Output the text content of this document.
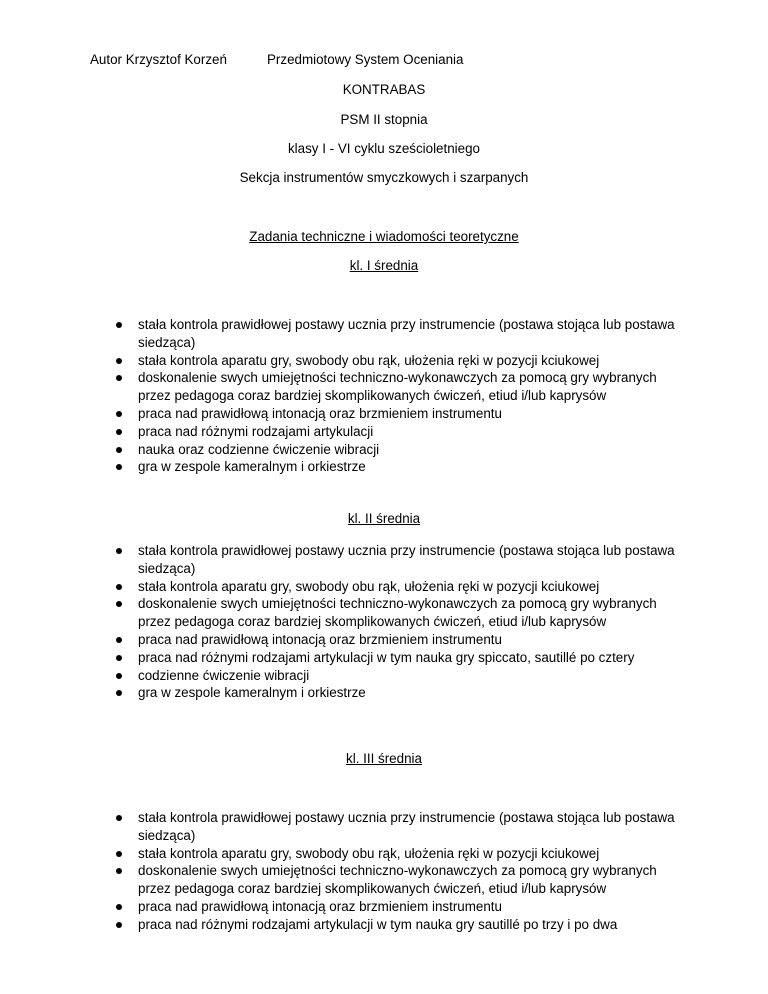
Autor Krzysztof Korzeń	Przedmiotowy System Oceniania
KONTRABAS
PSM II stopnia
klasy I - VI cyklu sześcioletniego
Sekcja instrumentów smyczkowych i szarpanych
Zadania techniczne i wiadomości teoretyczne
kl. I średnia
stała kontrola prawidłowej postawy ucznia przy instrumencie (postawa stojąca lub postawa siedząca)
stała kontrola aparatu gry, swobody obu rąk, ułożenia ręki w pozycji kciukowej
doskonalenie swych umiejętności techniczno-wykonawczych za pomocą gry wybranych przez pedagoga coraz bardziej skomplikowanych ćwiczeń, etiud i/lub kaprysów
praca nad prawidłową intonacją oraz brzmieniem instrumentu
praca nad różnymi rodzajami artykulacji
nauka oraz codzienne ćwiczenie wibracji
gra w zespole kameralnym i orkiestrze
kl. II średnia
stała kontrola prawidłowej postawy ucznia przy instrumencie (postawa stojąca lub postawa siedząca)
stała kontrola aparatu gry, swobody obu rąk, ułożenia ręki w pozycji kciukowej
doskonalenie swych umiejętności techniczno-wykonawczych za pomocą gry wybranych przez pedagoga coraz bardziej skomplikowanych ćwiczeń, etiud i/lub kaprysów
praca nad prawidłową intonacją oraz brzmieniem instrumentu
praca nad różnymi rodzajami artykulacji w tym nauka gry spiccato, sautillé po cztery
codzienne ćwiczenie wibracji
gra w zespole kameralnym i orkiestrze
kl. III średnia
stała kontrola prawidłowej postawy ucznia przy instrumencie (postawa stojąca lub postawa siedząca)
stała kontrola aparatu gry, swobody obu rąk, ułożenia ręki w pozycji kciukowej
doskonalenie swych umiejętności techniczno-wykonawczych za pomocą gry wybranych przez pedagoga coraz bardziej skomplikowanych ćwiczeń, etiud i/lub kaprysów
praca nad prawidłową intonacją oraz brzmieniem instrumentu
praca nad różnymi rodzajami artykulacji w tym nauka gry sautillé po trzy i po dwa
